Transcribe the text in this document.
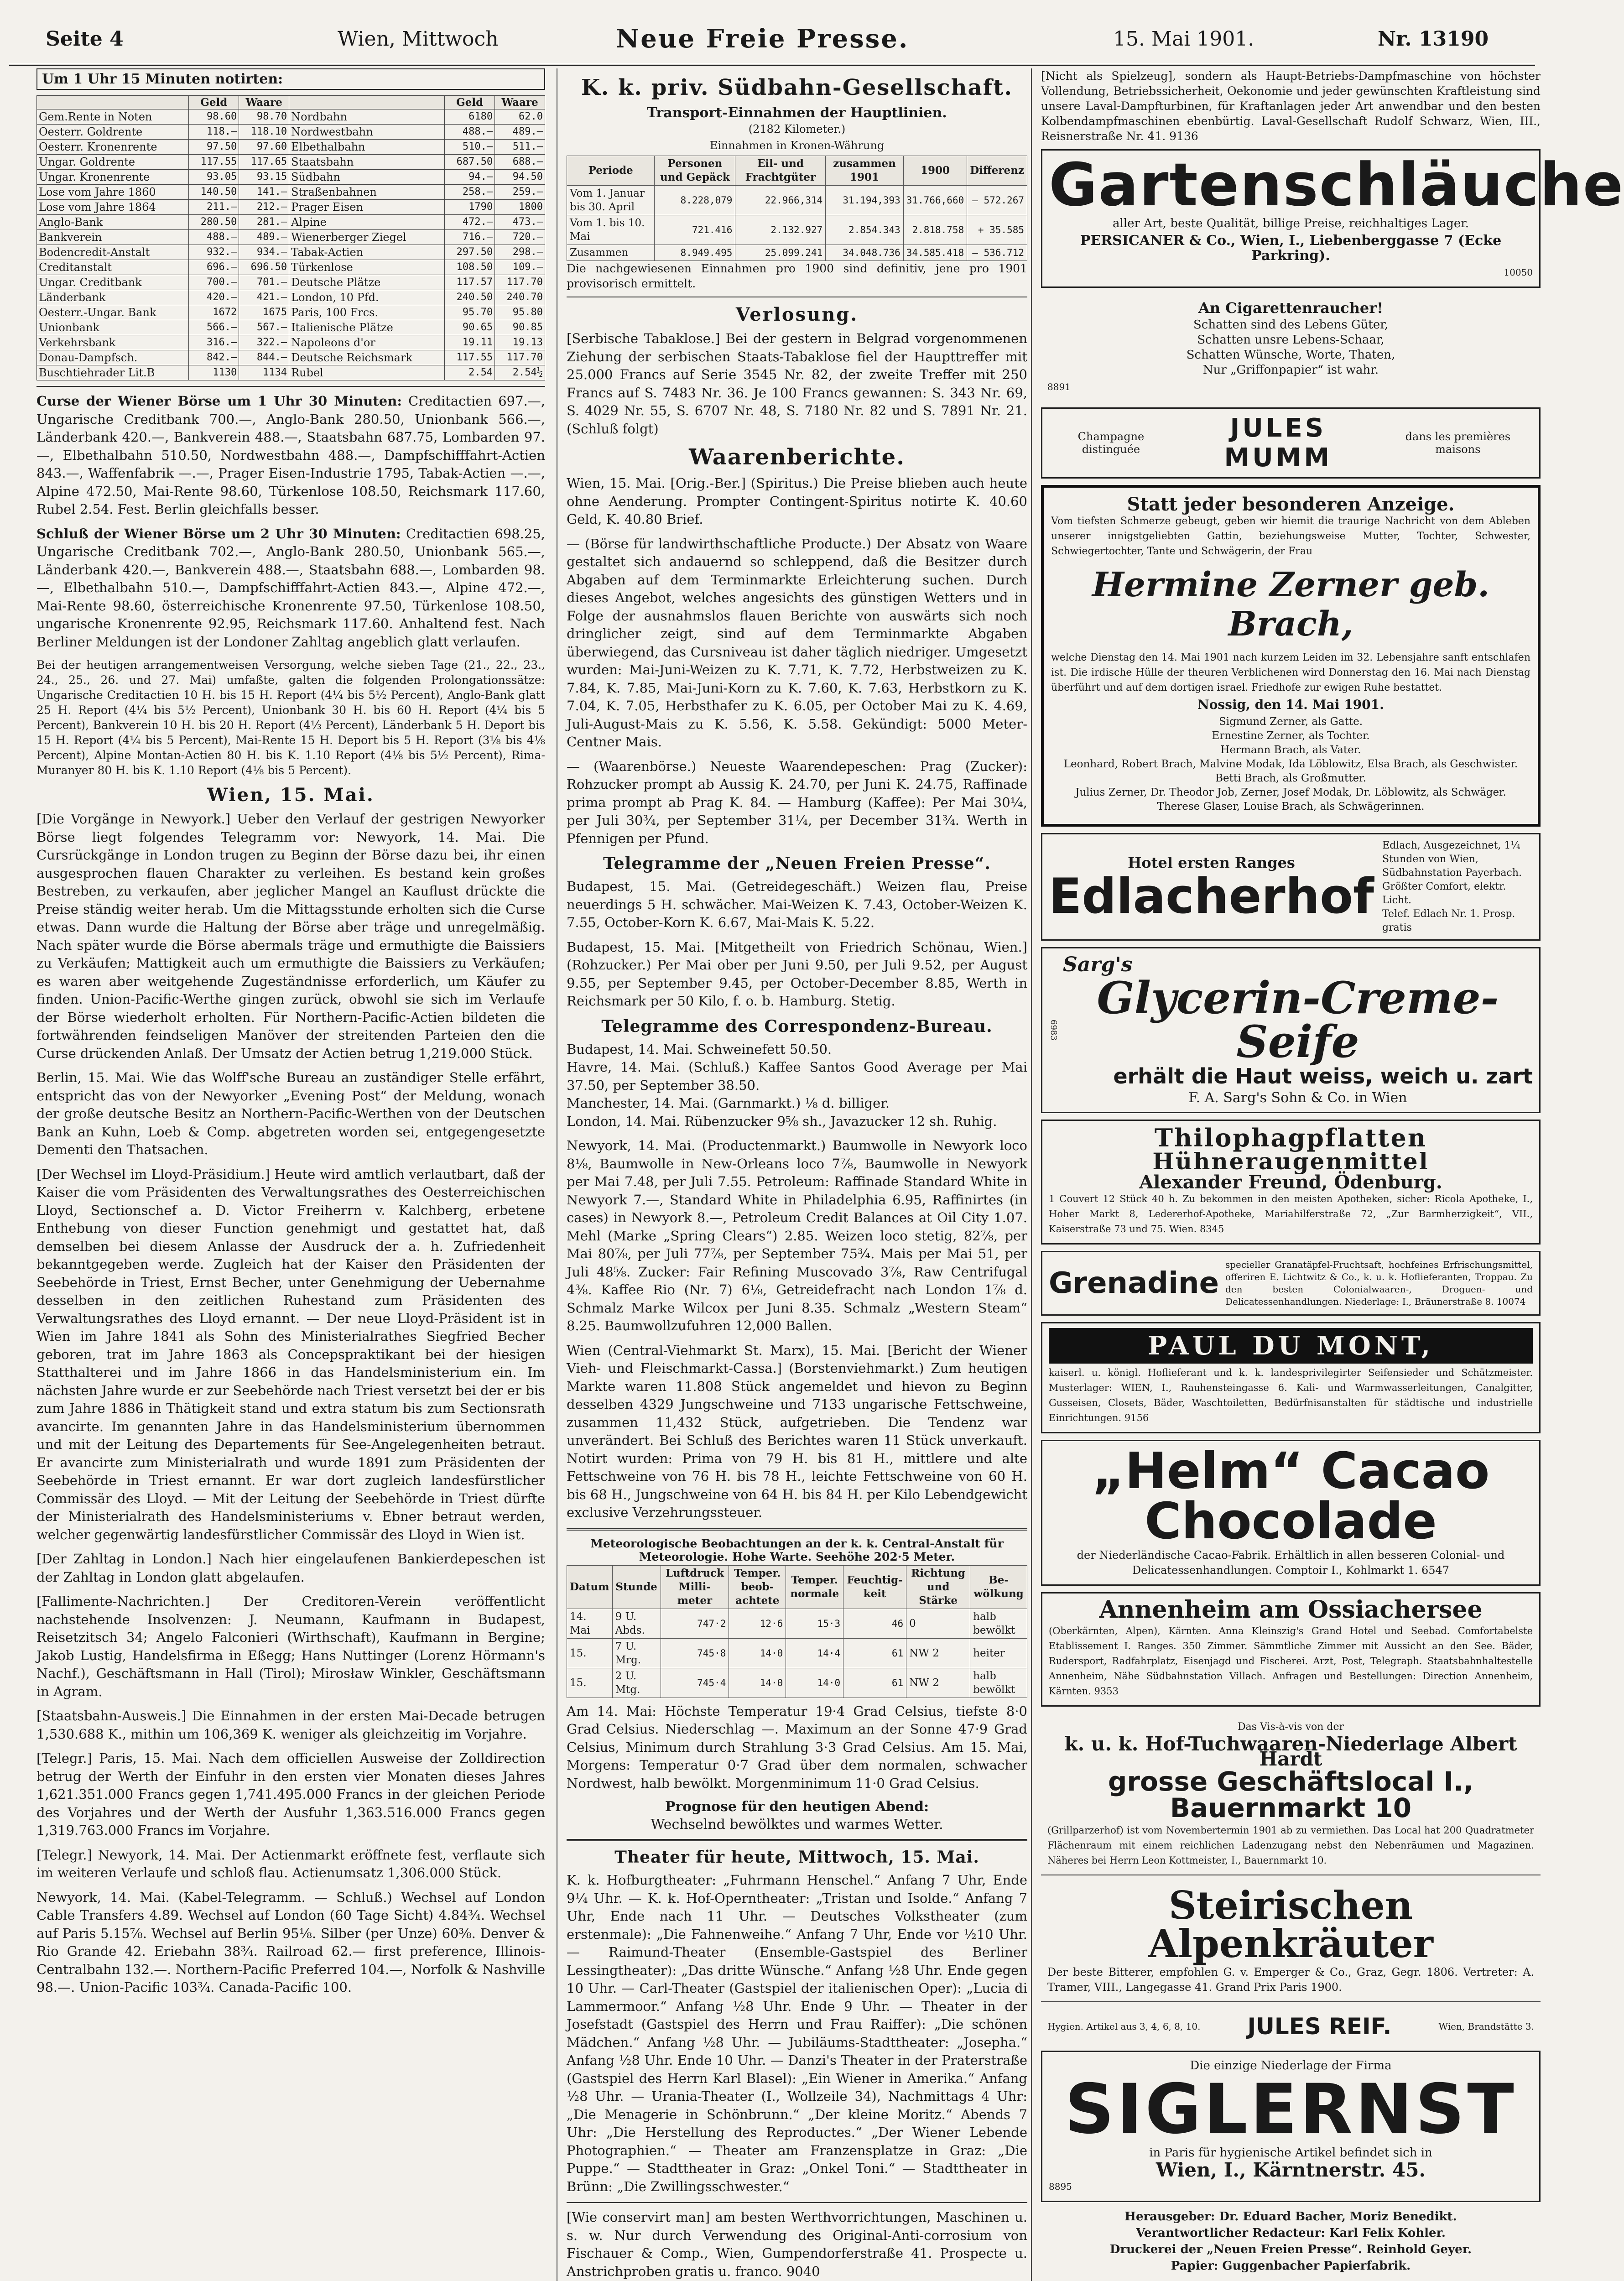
Seite 4	Wien, Mittwoch	Neue Freie Presse.	15. Mai 1901.	Nr. 13190
Um 1 Uhr 15 Minuten notirten:
	Geld	Waare		Geld	Waare
Gem.Rente in Noten	98.60	98.70	Nordbahn	6180	62.0
Oesterr. Goldrente	118.—	118.10	Nordwestbahn	488.—	489.—
Oesterr. Kronenrente	97.50	97.60	Elbethalbahn	510.—	511.—
Ungar. Goldrente	117.55	117.65	Staatsbahn	687.50	688.—
Ungar. Kronenrente	93.05	93.15	Südbahn	94.—	94.50
Lose vom Jahre 1860	140.50	141.—	Straßenbahnen	258.—	259.—
Lose vom Jahre 1864	211.—	212.—	Prager Eisen	1790	1800
Anglo-Bank	280.50	281.—	Alpine	472.—	473.—
Bankverein	488.—	489.—	Wienerberger Ziegel	716.—	720.—
Bodencredit-Anstalt	932.—	934.—	Tabak-Actien	297.50	298.—
Creditanstalt	696.—	696.50	Türkenlose	108.50	109.—
Ungar. Creditbank	700.—	701.—	Deutsche Plätze	117.57	117.70
Länderbank	420.—	421.—	London, 10 Pfd.	240.50	240.70
Oesterr.-Ungar. Bank	1672	1675	Paris, 100 Frcs.	95.70	95.80
Unionbank	566.—	567.—	Italienische Plätze	90.65	90.85
Verkehrsbank	316.—	322.—	Napoleons d'or	19.11	19.13
Donau-Dampfsch.	842.—	844.—	Deutsche Reichsmark	117.55	117.70
Buschtiehrader Lit.B	1130	1134	Rubel	2.54	2.54½

Curse der Wiener Börse um 1 Uhr 30 Minuten: Creditactien 697.—, Ungarische Creditbank 700.—, Anglo-Bank 280.50, Unionbank 566.—, Länderbank 420.—, Bankverein 488.—, Staatsbahn 687.75, Lombarden 97.—, Elbethalbahn 510.50, Nordwestbahn 488.—, Dampfschifffahrt-Actien 843.—, Waffenfabrik —.—, Prager Eisen-Industrie 1795, Tabak-Actien —.—, Alpine 472.50, Mai-Rente 98.60, Türkenlose 108.50, Reichsmark 117.60, Rubel 2.54. Fest. Berlin gleichfalls besser.

Schluß der Wiener Börse um 2 Uhr 30 Minuten: Creditactien 698.25, Ungarische Creditbank 702.—, Anglo-Bank 280.50, Unionbank 565.—, Länderbank 420.—, Bankverein 488.—, Staatsbahn 688.—, Lombarden 98.—, Elbethalbahn 510.—, Dampfschifffahrt-Actien 843.—, Alpine 472.—, Mai-Rente 98.60, österreichische Kronenrente 97.50, Türkenlose 108.50, ungarische Kronenrente 92.95, Reichsmark 117.60. Anhaltend fest. Nach Berliner Meldungen ist der Londoner Zahltag angeblich glatt verlaufen.

Bei der heutigen arrangementweisen Versorgung, welche sieben Tage (21., 22., 23., 24., 25., 26. und 27. Mai) umfaßte, galten die folgenden Prolongationssätze: Ungarische Creditactien 10 H. bis 15 H. Report (4¼ bis 5½ Percent), Anglo-Bank glatt 25 H. Report (4¼ bis 5½ Percent), Unionbank 30 H. bis 60 H. Report (4¼ bis 5 Percent), Bankverein 10 H. bis 20 H. Report (4⅓ Percent), Länderbank 5 H. Deport bis 15 H. Report (4¼ bis 5 Percent), Mai-Rente 15 H. Deport bis 5 H. Report (3⅛ bis 4⅛ Percent), Alpine Montan-Actien 80 H. bis K. 1.10 Report (4⅛ bis 5½ Percent), Rima-Muranyer 80 H. bis K. 1.10 Report (4⅛ bis 5 Percent).

Wien, 15. Mai.

[Die Vorgänge in Newyork.] Ueber den Verlauf der gestrigen Newyorker Börse liegt folgendes Telegramm vor: Newyork, 14. Mai. Die Cursrückgänge in London trugen zu Beginn der Börse dazu bei, ihr einen ausgesprochen flauen Charakter zu verleihen. Es bestand kein großes Bestreben, zu verkaufen, aber jeglicher Mangel an Kauflust drückte die Preise ständig weiter herab. Um die Mittagsstunde erholten sich die Curse etwas. Dann wurde die Haltung der Börse aber träge und unregelmäßig. Nach später wurde die Börse abermals träge und ermuthigte die Baissiers zu Verkäufen; Mattigkeit auch um ermuthigte die Baissiers zu Verkäufen; es waren aber weitgehende Zugeständnisse erforderlich, um Käufer zu finden. Union-Pacific-Werthe gingen zurück, obwohl sie sich im Verlaufe der Börse wiederholt erholten. Für Northern-Pacific-Actien bildeten die fortwährenden feindseligen Manöver der streitenden Parteien den die Curse drückenden Anlaß. Der Umsatz der Actien betrug 1,219.000 Stück.

Berlin, 15. Mai. Wie das Wolff'sche Bureau an zuständiger Stelle erfährt, entspricht das von der Newyorker „Evening Post“ der Meldung, wonach der große deutsche Besitz an Northern-Pacific-Werthen von der Deutschen Bank an Kuhn, Loeb & Comp. abgetreten worden sei, entgegengesetzte Dementi den Thatsachen.

[Der Wechsel im Lloyd-Präsidium.] Heute wird amtlich verlautbart, daß der Kaiser die vom Präsidenten des Verwaltungsrathes des Oesterreichischen Lloyd, Sectionschef a. D. Victor Freiherrn v. Kalchberg, erbetene Enthebung von dieser Function genehmigt und gestattet hat, daß demselben bei diesem Anlasse der Ausdruck der a. h. Zufriedenheit bekanntgegeben werde. Zugleich hat der Kaiser den Präsidenten der Seebehörde in Triest, Ernst Becher, unter Genehmigung der Uebernahme desselben in den zeitlichen Ruhestand zum Präsidenten des Verwaltungsrathes des Lloyd ernannt. — Der neue Lloyd-Präsident ist in Wien im Jahre 1841 als Sohn des Ministerialrathes Siegfried Becher geboren, trat im Jahre 1863 als Concepspraktikant bei der hiesigen Statthalterei und im Jahre 1866 in das Handelsministerium ein. Im nächsten Jahre wurde er zur Seebehörde nach Triest versetzt bei der er bis zum Jahre 1886 in Thätigkeit stand und extra statum bis zum Sectionsrath avancirte. Im genannten Jahre in das Handelsministerium übernommen und mit der Leitung des Departements für See-Angelegenheiten betraut. Er avancirte zum Ministerialrath und wurde 1891 zum Präsidenten der Seebehörde in Triest ernannt. Er war dort zugleich landesfürstlicher Commissär des Lloyd. — Mit der Leitung der Seebehörde in Triest dürfte der Ministerialrath des Handelsministeriums v. Ebner betraut werden, welcher gegenwärtig landesfürstlicher Commissär des Lloyd in Wien ist.

[Der Zahltag in London.] Nach hier eingelaufenen Bankierdepeschen ist der Zahltag in London glatt abgelaufen.

[Fallimente-Nachrichten.] Der Creditoren-Verein veröffentlicht nachstehende Insolvenzen: J. Neumann, Kaufmann in Budapest, Reisetzitsch 34; Angelo Falconieri (Wirthschaft), Kaufmann in Bergine; Jakob Lustig, Handelsfirma in Eßegg; Hans Nuttinger (Lorenz Hörmann's Nachf.), Geschäftsmann in Hall (Tirol); Mirosław Winkler, Geschäftsmann in Agram.

[Staatsbahn-Ausweis.] Die Einnahmen in der ersten Mai-Decade betrugen 1,530.688 K., mithin um 106,369 K. weniger als gleichzeitig im Vorjahre.

[Telegr.] Paris, 15. Mai. Nach dem officiellen Ausweise der Zolldirection betrug der Werth der Einfuhr in den ersten vier Monaten dieses Jahres 1,621.351.000 Francs gegen 1,741.495.000 Francs in der gleichen Periode des Vorjahres und der Werth der Ausfuhr 1,363.516.000 Francs gegen 1,319.763.000 Francs im Vorjahre.

[Telegr.] Newyork, 14. Mai. Der Actienmarkt eröffnete fest, verflaute sich im weiteren Verlaufe und schloß flau. Actienumsatz 1,306.000 Stück.

Newyork, 14. Mai. (Kabel-Telegramm. — Schluß.) Wechsel auf London Cable Transfers 4.89. Wechsel auf London (60 Tage Sicht) 4.84¾. Wechsel auf Paris 5.15⅞. Wechsel auf Berlin 95⅛. Silber (per Unze) 60⅜. Denver & Rio Grande 42. Eriebahn 38¾. Railroad 62.— first preference, Illinois-Centralbahn 132.—. Northern-Pacific Preferred 104.—, Norfolk & Nashville 98.—. Union-Pacific 103¾. Canada-Pacific 100.

K. k. priv. Südbahn-Gesellschaft.
Transport-Einnahmen der Hauptlinien.
(2182 Kilometer.)
Einnahmen in Kronen-Währung
Periode	Personen und Gepäck	Eil- und Frachtgüter	zusammen 1901	1900	Differenz
Vom 1. Januar bis 30. April	8.228,079	22.966,314	31.194,393	31.766,660	— 572.267
Vom 1. bis 10. Mai	721.416	2.132.927	2.854.343	2.818.758	+ 35.585
Zusammen	8.949.495	25.099.241	34.048.736	34.585.418	— 536.712

Die nachgewiesenen Einnahmen pro 1900 sind definitiv, jene pro 1901 provisorisch ermittelt.

Verlosung.

[Serbische Tabaklose.] Bei der gestern in Belgrad vorgenommenen Ziehung der serbischen Staats-Tabaklose fiel der Haupttreffer mit 25.000 Francs auf Serie 3545 Nr. 82, der zweite Treffer mit 250 Francs auf S. 7483 Nr. 36. Je 100 Francs gewannen: S. 343 Nr. 69, S. 4029 Nr. 55, S. 6707 Nr. 48, S. 7180 Nr. 82 und S. 7891 Nr. 21. (Schluß folgt)

Waarenberichte.

Wien, 15. Mai. [Orig.-Ber.] (Spiritus.) Die Preise blieben auch heute ohne Aenderung. Prompter Contingent-Spiritus notirte K. 40.60 Geld, K. 40.80 Brief.

— (Börse für landwirthschaftliche Producte.) Der Absatz von Waare gestaltet sich andauernd so schleppend, daß die Besitzer durch Abgaben auf dem Terminmarkte Erleichterung suchen. Durch dieses Angebot, welches angesichts des günstigen Wetters und in Folge der ausnahmslos flauen Berichte von auswärts sich noch dringlicher zeigt, sind auf dem Terminmarkte Abgaben überwiegend, das Cursniveau ist daher täglich niedriger. Umgesetzt wurden: Mai-Juni-Weizen zu K. 7.71, K. 7.72, Herbstweizen zu K. 7.84, K. 7.85, Mai-Juni-Korn zu K. 7.60, K. 7.63, Herbstkorn zu K. 7.04, K. 7.05, Herbsthafer zu K. 6.05, per October Mai zu K. 4.69, Juli-August-Mais zu K. 5.56, K. 5.58. Gekündigt: 5000 Meter-Centner Mais.

— (Waarenbörse.) Neueste Waarendepeschen: Prag (Zucker): Rohzucker prompt ab Aussig K. 24.70, per Juni K. 24.75, Raffinade prima prompt ab Prag K. 84. — Hamburg (Kaffee): Per Mai 30¼, per Juli 30¾, per September 31¼, per December 31¾. Werth in Pfennigen per Pfund.

Telegramme der „Neuen Freien Presse“.

Budapest, 15. Mai. (Getreidegeschäft.) Weizen flau, Preise neuerdings 5 H. schwächer. Mai-Weizen K. 7.43, October-Weizen K. 7.55, October-Korn K. 6.67, Mai-Mais K. 5.22.

Budapest, 15. Mai. [Mitgetheilt von Friedrich Schönau, Wien.] (Rohzucker.) Per Mai ober per Juni 9.50, per Juli 9.52, per August 9.55, per September 9.45, per October-December 8.85, Werth in Reichsmark per 50 Kilo, f. o. b. Hamburg. Stetig.

Telegramme des Correspondenz-Bureau.

Budapest, 14. Mai. Schweinefett 50.50.

Havre, 14. Mai. (Schluß.) Kaffee Santos Good Average per Mai 37.50, per September 38.50.

Manchester, 14. Mai. (Garnmarkt.) ⅛ d. billiger.

London, 14. Mai. Rübenzucker 9⅝ sh., Javazucker 12 sh. Ruhig.

Newyork, 14. Mai. (Productenmarkt.) Baumwolle in Newyork loco 8⅛, Baumwolle in New-Orleans loco 7⅞, Baumwolle in Newyork per Mai 7.48, per Juli 7.55. Petroleum: Raffinade Standard White in Newyork 7.—, Standard White in Philadelphia 6.95, Raffinirtes (in cases) in Newyork 8.—, Petroleum Credit Balances at Oil City 1.07. Mehl (Marke „Spring Clears“) 2.85. Weizen loco stetig, 82⅞, per Mai 80⅞, per Juli 77⅞, per September 75¾. Mais per Mai 51, per Juli 48⅝. Zucker: Fair Refining Muscovado 3⅞, Raw Centrifugal 4⅜. Kaffee Rio (Nr. 7) 6⅛, Getreidefracht nach London 1⅞ d. Schmalz Marke Wilcox per Juni 8.35. Schmalz „Western Steam“ 8.25. Baumwollzufuhren 12,000 Ballen.

Wien (Central-Viehmarkt St. Marx), 15. Mai. [Bericht der Wiener Vieh- und Fleischmarkt-Cassa.] (Borstenviehmarkt.) Zum heutigen Markte waren 11.808 Stück angemeldet und hievon zu Beginn desselben 4329 Jungschweine und 7133 ungarische Fettschweine, zusammen 11,432 Stück, aufgetrieben. Die Tendenz war unverändert. Bei Schluß des Berichtes waren 11 Stück unverkauft. Notirt wurden: Prima von 79 H. bis 81 H., mittlere und alte Fettschweine von 76 H. bis 78 H., leichte Fettschweine von 60 H. bis 68 H., Jungschweine von 64 H. bis 84 H. per Kilo Lebendgewicht exclusive Verzehrungssteuer.

Meteorologische Beobachtungen an der k. k. Central-Anstalt für Meteorologie. Hohe Warte. Seehöhe 202·5 Meter.
Datum	Stunde	Luftdruck Milli-meter	Temper. beob-achtete	Temper. normale	Feuchtig-keit	Richtung und Stärke	Be-wölkung
14. Mai	9 U. Abds.	747·2	12·6	15·3	46	0	halb bewölkt
15.	7 U. Mrg.	745·8	14·0	14·4	61	NW 2	heiter
15.	2 U. Mtg.	745·4	14·0	14·0	61	NW 2	halb bewölkt

Am 14. Mai: Höchste Temperatur 19·4 Grad Celsius, tiefste 8·0 Grad Celsius. Niederschlag —. Maximum an der Sonne 47·9 Grad Celsius, Minimum durch Strahlung 3·3 Grad Celsius. Am 15. Mai, Morgens: Temperatur 0·7 Grad über dem normalen, schwacher Nordwest, halb bewölkt. Morgenminimum 11·0 Grad Celsius.

Prognose für den heutigen Abend:
Wechselnd bewölktes und warmes Wetter.
Theater für heute, Mittwoch, 15. Mai.

K. k. Hofburgtheater: „Fuhrmann Henschel.“ Anfang 7 Uhr, Ende 9¼ Uhr. — K. k. Hof-Operntheater: „Tristan und Isolde.“ Anfang 7 Uhr, Ende nach 11 Uhr. — Deutsches Volkstheater (zum erstenmale): „Die Fahnenweihe.“ Anfang 7 Uhr, Ende vor ½10 Uhr. — Raimund-Theater (Ensemble-Gastspiel des Berliner Lessingtheater): „Das dritte Wünsche.“ Anfang ½8 Uhr. Ende gegen 10 Uhr. — Carl-Theater (Gastspiel der italienischen Oper): „Lucia di Lammermoor.“ Anfang ½8 Uhr. Ende 9 Uhr. — Theater in der Josefstadt (Gastspiel des Herrn und Frau Raiffer): „Die schönen Mädchen.“ Anfang ½8 Uhr. — Jubiläums-Stadttheater: „Josepha.“ Anfang ½8 Uhr. Ende 10 Uhr. — Danzi's Theater in der Praterstraße (Gastspiel des Herrn Karl Blasel): „Ein Wiener in Amerika.“ Anfang ½8 Uhr. — Urania-Theater (I., Wollzeile 34), Nachmittags 4 Uhr: „Die Menagerie in Schönbrunn.“ „Der kleine Moritz.“ Abends 7 Uhr: „Die Herstellung des Reproductes.“ „Der Wiener Lebende Photographien.“ — Theater am Franzensplatze in Graz: „Die Puppe.“ — Stadttheater in Graz: „Onkel Toni.“ — Stadttheater in Brünn: „Die Zwillingsschwester.“

[Wie conservirt man] am besten Werthvorrichtungen, Maschinen u. s. w. Nur durch Verwendung des Original-Anti-corrosium von Fischauer & Comp., Wien, Gumpendorferstraße 41. Prospecte u. Anstrichproben gratis u. franco. 9040

[Nicht als Spielzeug], sondern als Haupt-Betriebs-Dampfmaschine von höchster Vollendung, Betriebssicherheit, Oekonomie und jeder gewünschten Kraftleistung sind unsere Laval-Dampfturbinen, für Kraftanlagen jeder Art anwendbar und den besten Kolbendampfmaschinen ebenbürtig. Laval-Gesellschaft Rudolf Schwarz, Wien, III., Reisnerstraße Nr. 41. 9136

Gartenschläuche

aller Art, beste Qualität, billige Preise, reichhaltiges Lager.

PERSICANER & Co., Wien, I., Liebenberggasse 7 (Ecke Parkring).

10050

An Cigarettenraucher!

Schatten sind des Lebens Güter,
Schatten unsre Lebens-Schaar,
Schatten Wünsche, Worte, Thaten,
Nur „Griffonpapier“ ist wahr.

8891

Champagne distinguée
JULES MUMM
dans les premières maisons

Statt jeder besonderen Anzeige.

Vom tiefsten Schmerze gebeugt, geben wir hiemit die traurige Nachricht von dem Ableben unserer innigstgeliebten Gattin, beziehungsweise Mutter, Tochter, Schwester, Schwiegertochter, Tante und Schwägerin, der Frau

Hermine Zerner geb. Brach,

welche Dienstag den 14. Mai 1901 nach kurzem Leiden im 32. Lebensjahre sanft entschlafen ist. Die irdische Hülle der theuren Verblichenen wird Donnerstag den 16. Mai nach Dienstag überführt und auf dem dortigen israel. Friedhofe zur ewigen Ruhe bestattet.

Nossig, den 14. Mai 1901.

Sigmund Zerner, als Gatte.
Ernestine Zerner, als Tochter.
Hermann Brach, als Vater.
Leonhard, Robert Brach, Malvine Modak, Ida Löblowitz, Elsa Brach, als Geschwister.
Betti Brach, als Großmutter.
Julius Zerner, Dr. Theodor Job, Zerner, Josef Modak, Dr. Löblowitz, als Schwäger.
Therese Glaser, Louise Brach, als Schwägerinnen.

Hotel ersten Ranges

Edlacherhof
Edlach, Ausgezeichnet, 1¼ Stunden von Wien, Südbahnstation Payerbach.
Größter Comfort, elektr. Licht.
Telef. Edlach Nr. 1. Prosp. gratis
6983
Sarg's
Glycerin-Creme-Seife
erhält die Haut weiss, weich u. zart

F. A. Sarg's Sohn & Co. in Wien

Thilophagpflatten
Hühneraugenmittel

Alexander Freund, Ödenburg.

1 Couvert 12 Stück 40 h. Zu bekommen in den meisten Apotheken, sicher: Ricola Apotheke, I., Hoher Markt 8, Ledererhof-Apotheke, Mariahilferstraße 72, „Zur Barmherzigkeit“, VII., Kaiserstraße 73 und 75. Wien. 8345

Grenadine

specieller Granatäpfel-Fruchtsaft, hochfeines Erfrischungsmittel, offeriren E. Lichtwitz & Co., k. u. k. Hoflieferanten, Troppau. Zu den besten Colonialwaaren-, Droguen- und Delicatessenhandlungen. Niederlage: I., Bräunerstraße 8. 10074

PAUL DU MONT,

kaiserl. u. königl. Hoflieferant und k. k. landesprivilegirter Seifensieder und Schätzmeister. Musterlager: WIEN, I., Rauhensteingasse 6. Kali- und Warmwasserleitungen, Canalgitter, Gusseisen, Closets, Bäder, Waschtoiletten, Bedürfnisanstalten für städtische und industrielle Einrichtungen. 9156

„Helm“ Cacao Chocolade

der Niederländische Cacao-Fabrik. Erhältlich in allen besseren Colonial- und Delicatessenhandlungen. Comptoir I., Kohlmarkt 1. 6547

Annenheim am Ossiachersee

(Oberkärnten, Alpen), Kärnten. Anna Kleinszig's Grand Hotel und Seebad. Comfortabelste Etablissement I. Ranges. 350 Zimmer. Sämmtliche Zimmer mit Aussicht an den See. Bäder, Rudersport, Radfahrplatz, Eisenjagd und Fischerei. Arzt, Post, Telegraph. Staatsbahnhaltestelle Annenheim, Nähe Südbahnstation Villach. Anfragen und Bestellungen: Direction Annenheim, Kärnten. 9353

Das Vis-à-vis von der

k. u. k. Hof-Tuchwaaren-Niederlage Albert Hardt

grosse Geschäftslocal I., Bauernmarkt 10

(Grillparzerhof) ist vom Novembertermin 1901 ab zu vermiethen. Das Local hat 200 Quadratmeter Flächenraum mit einem reichlichen Ladenzugang nebst den Nebenräumen und Magazinen. Näheres bei Herrn Leon Kottmeister, I., Bauernmarkt 10.

Steirischen Alpenkräuter

Der beste Bitterer, empfohlen G. v. Emperger & Co., Graz, Gegr. 1806. Vertreter: A. Tramer, VIII., Langegasse 41. Grand Prix Paris 1900.

Hygien. Artikel aus 3, 4, 6, 8, 10. JULES REIF.	Wien, Brandstätte 3.

Die einzige Niederlage der Firma

SIGLERNST

in Paris für hygienische Artikel befindet sich in

Wien, I., Kärntnerstr. 45.

8895

Herausgeber: Dr. Eduard Bacher, Moriz Benedikt.
Verantwortlicher Redacteur: Karl Felix Kohler.
Druckerei der „Neuen Freien Presse“. Reinhold Geyer.
Papier: Guggenbacher Papierfabrik.
